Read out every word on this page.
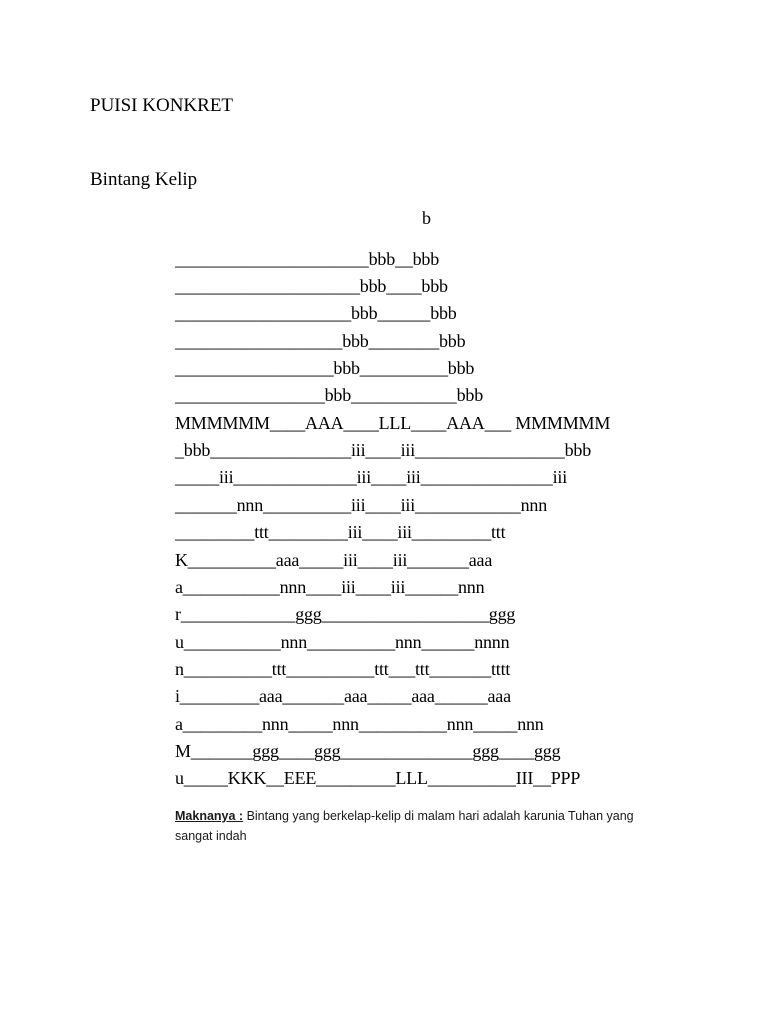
PUISI KONKRET
Bintang Kelip
b
______________________bbb__bbb
_____________________bbb____bbb
____________________bbb______bbb
___________________bbb________bbb
__________________bbb__________bbb
_________________bbb____________bbb
MMMMMM____AAA____LLL____AAA___ MMMMMM
_bbb________________iii____iii_________________bbb
_____iii______________iii____iii_______________iii
_______nnn__________iii____iii____________nnn
_________ttt_________iii____iii_________ttt
K__________aaa_____iii____iii_______aaa
a___________nnn____iii____iii______nnn
r_____________ggg___________________ggg
u___________nnn__________nnn______nnnn
n__________ttt__________ttt___ttt_______tttt
i_________aaa_______aaa_____aaa______aaa
a_________nnn_____nnn__________nnn_____nnn
M_______ggg____ggg_______________ggg____ggg
u_____KKK__EEE_________LLL__________III__PPP
Maknanya : Bintang yang berkelap-kelip di malam hari adalah karunia Tuhan yang sangat indah
